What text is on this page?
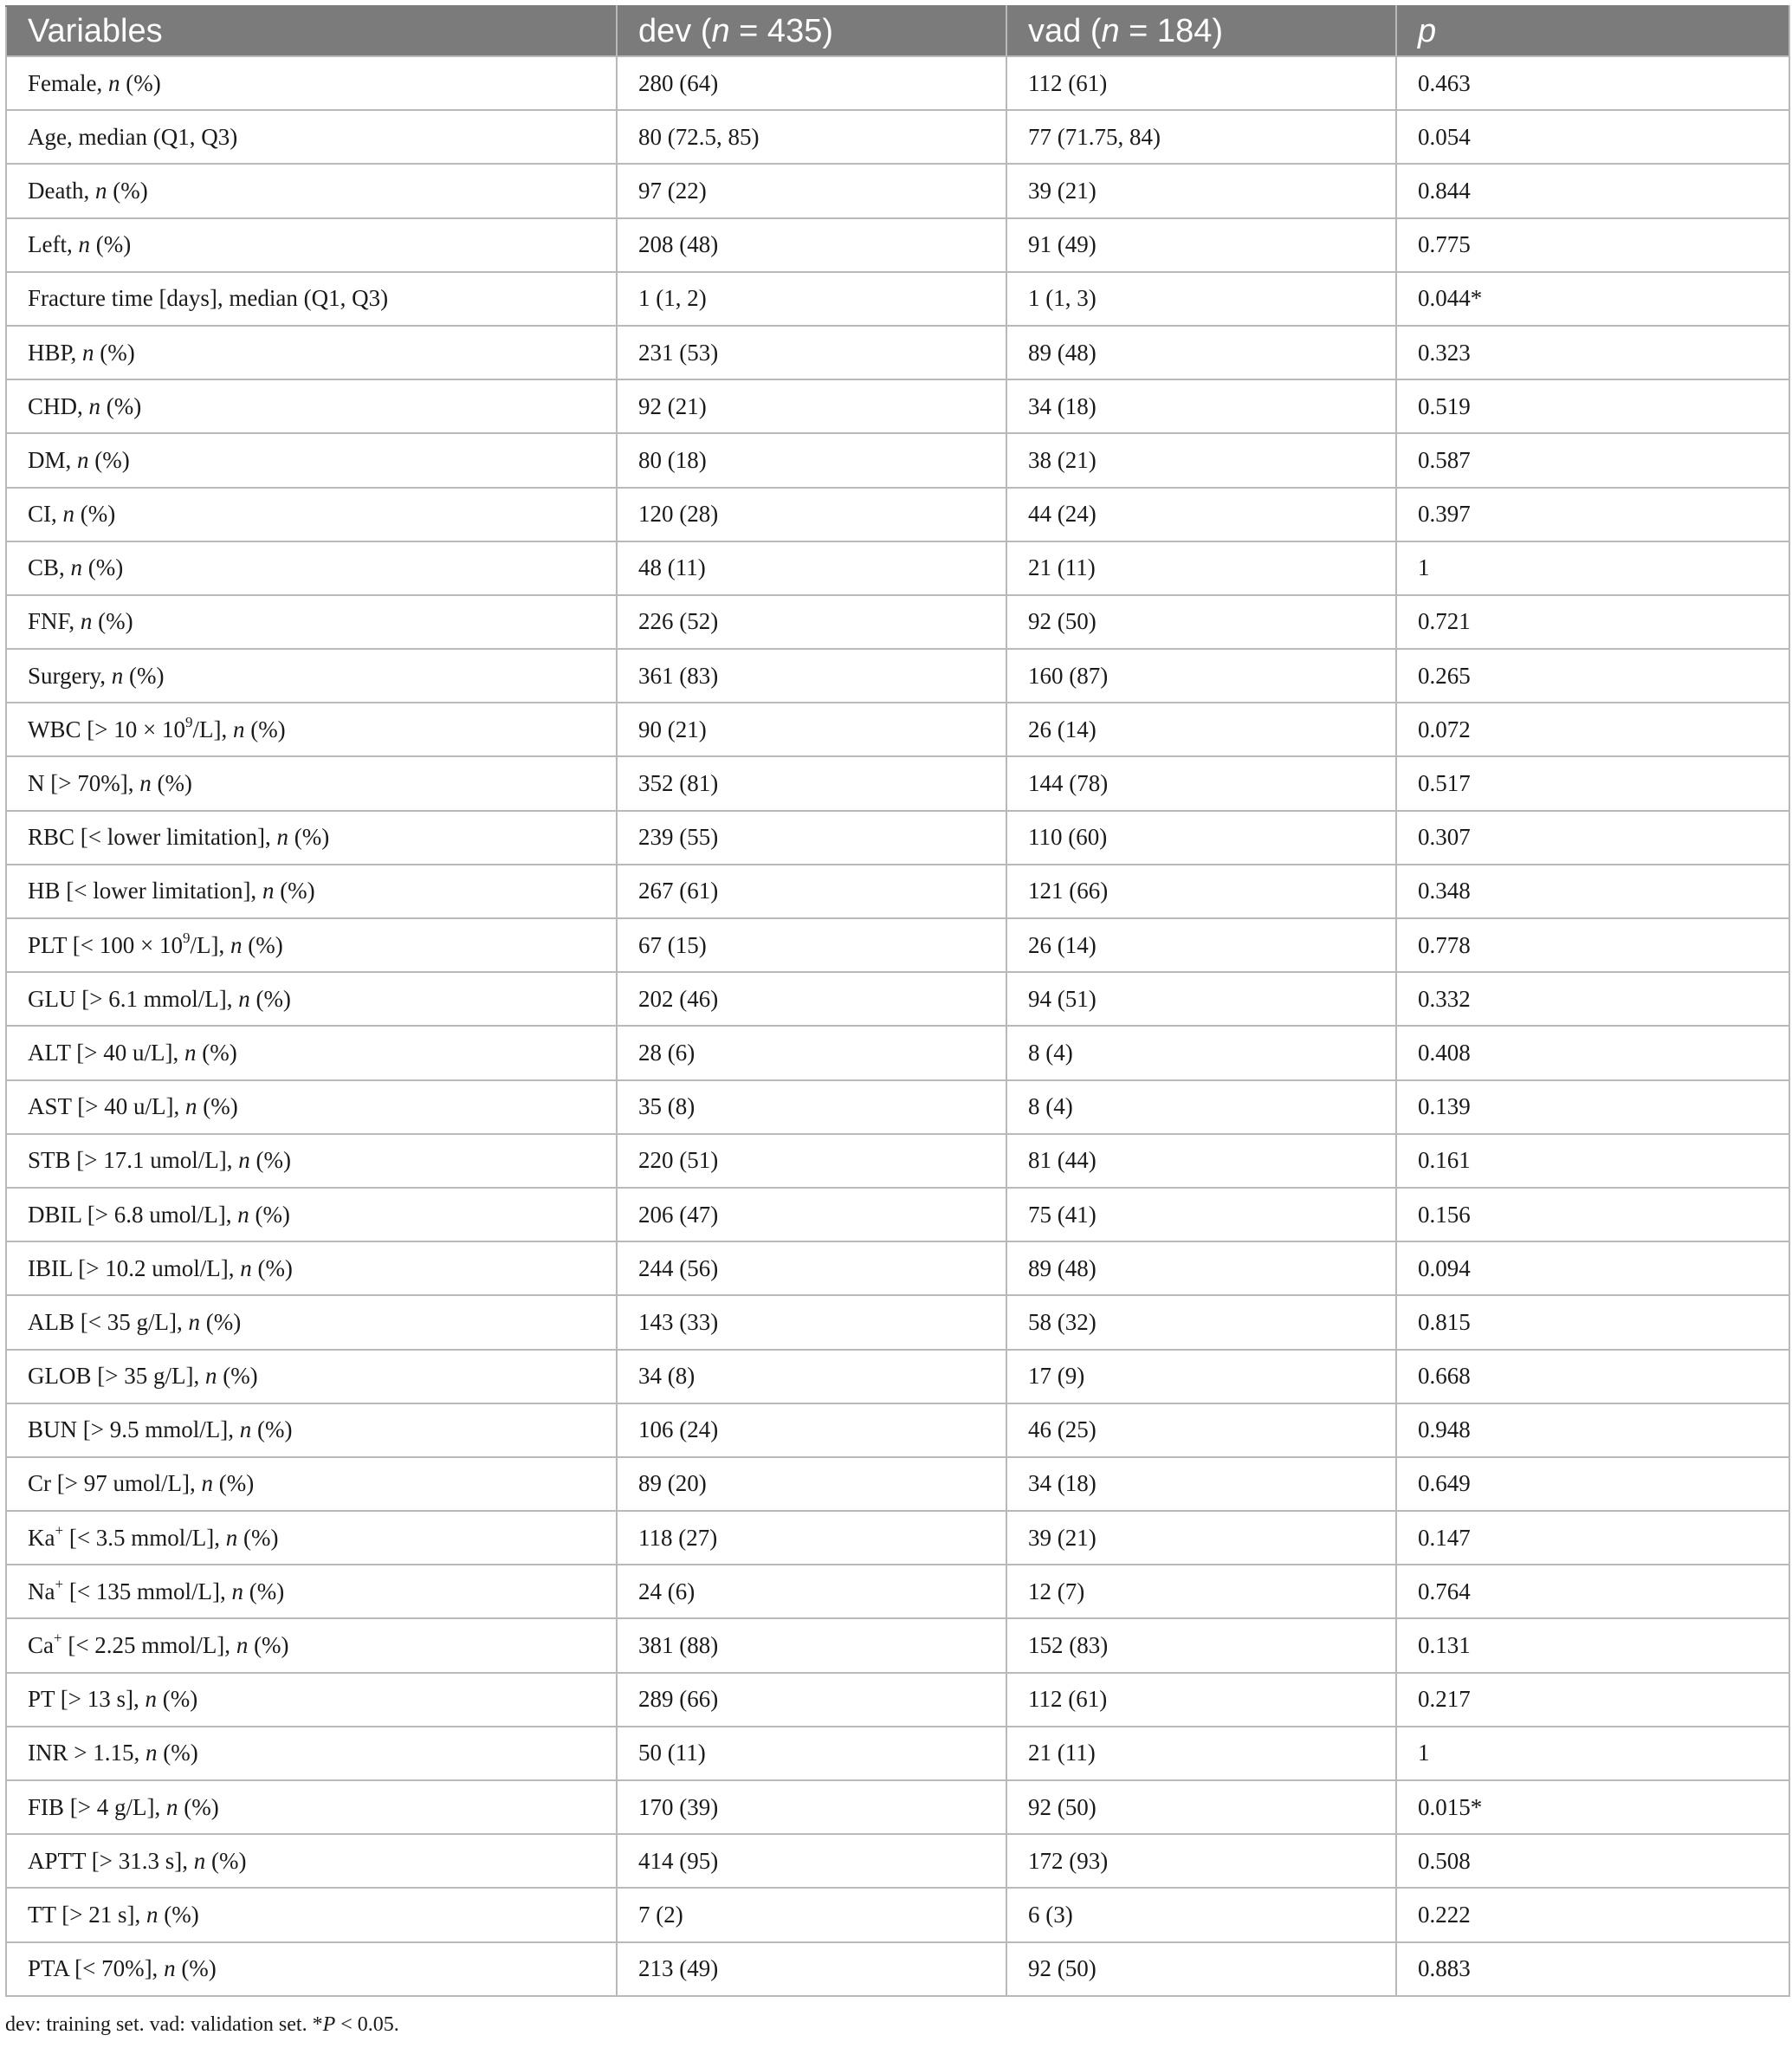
Variables	dev (n = 435)	vad (n = 184)	p
Female, n (%)	280 (64)	112 (61)	0.463
Age, median (Q1, Q3)	80 (72.5, 85)	77 (71.75, 84)	0.054
Death, n (%)	97 (22)	39 (21)	0.844
Left, n (%)	208 (48)	91 (49)	0.775
Fracture time [days], median (Q1, Q3)	1 (1, 2)	1 (1, 3)	0.044*
HBP, n (%)	231 (53)	89 (48)	0.323
CHD, n (%)	92 (21)	34 (18)	0.519
DM, n (%)	80 (18)	38 (21)	0.587
CI, n (%)	120 (28)	44 (24)	0.397
CB, n (%)	48 (11)	21 (11)	1
FNF, n (%)	226 (52)	92 (50)	0.721
Surgery, n (%)	361 (83)	160 (87)	0.265
WBC [> $10 \times 10^9/L$], n (%)	90 (21)	26 (14)	0.072
N [> 70%], n (%)	352 (81)	144 (78)	0.517
RBC [< lower limitation], n (%)	239 (55)	110 (60)	0.307
HB [< lower limitation], n (%)	267 (61)	121 (66)	0.348
PLT [< $100 \times 10^9/L$], n (%)	67 (15)	26 (14)	0.778
GLU [> 6.1 mmol/L], n (%)	202 (46)	94 (51)	0.332
ALT [> 40 u/L], n (%)	28 (6)	8 (4)	0.408
AST [> 40 u/L], n (%)	35 (8)	8 (4)	0.139
STB [> 17.1 umol/L], n (%)	220 (51)	81 (44)	0.161
DBIL [> 6.8 umol/L], n (%)	206 (47)	75 (41)	0.156
IBIL [> 10.2 umol/L], n (%)	244 (56)	89 (48)	0.094
ALB [< 35 g/L], n (%)	143 (33)	58 (32)	0.815
GLOB [> 35 g/L], n (%)	34 (8)	17 (9)	0.668
BUN [> 9.5 mmol/L], n (%)	106 (24)	46 (25)	0.948
Cr [> 97 umol/L], n (%)	89 (20)	34 (18)	0.649
Ka+ [< 3.5 mmol/L], n (%)	118 (27)	39 (21)	0.147
Na+ [< 135 mmol/L], n (%)	24 (6)	12 (7)	0.764
Ca+ [< 2.25 mmol/L], n (%)	381 (88)	152 (83)	0.131
PT [> 13 s], n (%)	289 (66)	112 (61)	0.217
INR > 1.15, n (%)	50 (11)	21 (11)	1
FIB [> 4 g/L], n (%)	170 (39)	92 (50)	0.015*
APTT [> 31.3 s], n (%)	414 (95)	172 (93)	0.508
TT [> 21 s], n (%)	7 (2)	6 (3)	0.222
PTA [< 70%], n (%)	213 (49)	92 (50)	0.883
dev: training set. vad: validation set. *P < 0.05.
